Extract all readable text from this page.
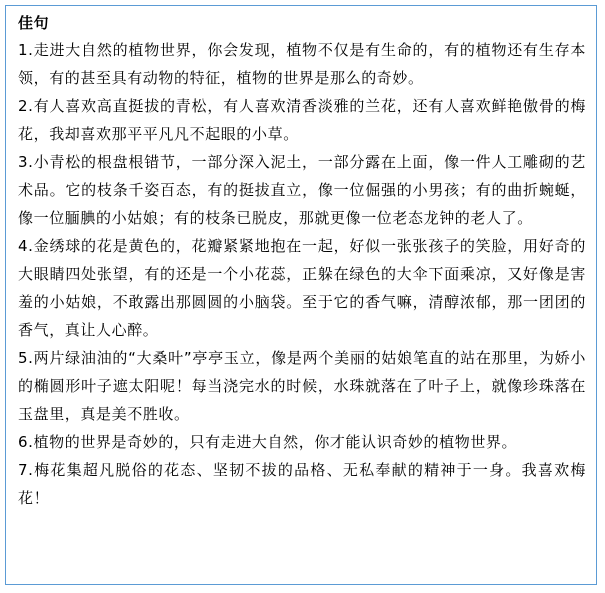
佳句

1.走进大自然的植物世界，你会发现，植物不仅是有生命的，有的植物还有生存本领，有的甚至具有动物的特征，植物的世界是那么的奇妙。

2.有人喜欢高直挺拔的青松，有人喜欢清香淡雅的兰花，还有人喜欢鲜艳傲骨的梅花，我却喜欢那平平凡凡不起眼的小草。

3.小青松的根盘根错节，一部分深入泥土，一部分露在上面，像一件人工雕砌的艺术品。它的枝条千姿百态，有的挺拔直立，像一位倔强的小男孩；有的曲折蜿蜒，像一位腼腆的小姑娘；有的枝条已脱皮，那就更像一位老态龙钟的老人了。

4.金绣球的花是黄色的，花瓣紧紧地抱在一起，好似一张张孩子的笑脸，用好奇的大眼睛四处张望，有的还是一个小花蕊，正躲在绿色的大伞下面乘凉，又好像是害羞的小姑娘，不敢露出那圆圆的小脑袋。至于它的香气嘛，清醇浓郁，那一团团的香气，真让人心醉。

5.两片绿油油的“大桑叶”亭亭玉立，像是两个美丽的姑娘笔直的站在那里，为娇小的椭圆形叶子遮太阳呢！每当浇完水的时候，水珠就落在了叶子上，就像珍珠落在玉盘里，真是美不胜收。

6.植物的世界是奇妙的，只有走进大自然，你才能认识奇妙的植物世界。

7.梅花集超凡脱俗的花态、坚韧不拔的品格、无私奉献的精神于一身。我喜欢梅花！
